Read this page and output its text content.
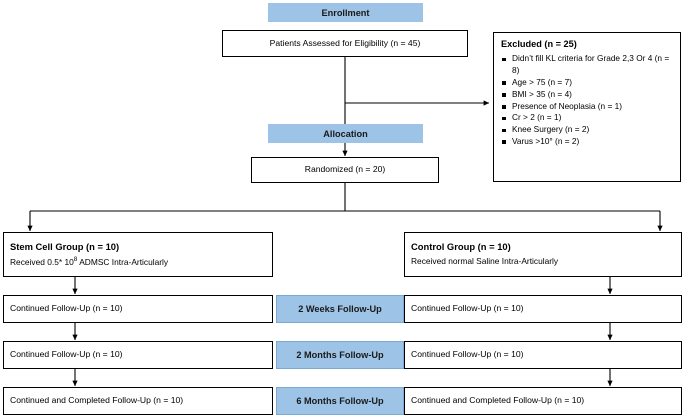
Enrollment
Patients Assessed for Eligibility (n = 45)	Excluded (n = 25)
Didn’t fill KL criteria for Grade 2,3 Or 4 (n = 8)
Age > 75 (n = 7)
BMI > 35 (n = 4)
Presence of Neoplasia (n = 1)
Cr > 2 (n = 1)
Knee Surgery (n = 2)
Varus >10° (n = 2)
Allocation
Randomized (n = 20)
Stem Cell Group (n = 10)
Received 0.5* $10^8$ ADMSC Intra-Articularly
Control Group (n = 10)
Received normal Saline Intra-Articularly
Continued Follow-Up (n = 10)	2 Weeks Follow-Up	Continued Follow-Up (n = 10)
Continued Follow-Up (n = 10)	2 Months Follow-Up	Continued Follow-Up (n = 10)
Continued and Completed Follow-Up (n = 10)	6 Months Follow-Up	Continued and Completed Follow-Up (n = 10)
